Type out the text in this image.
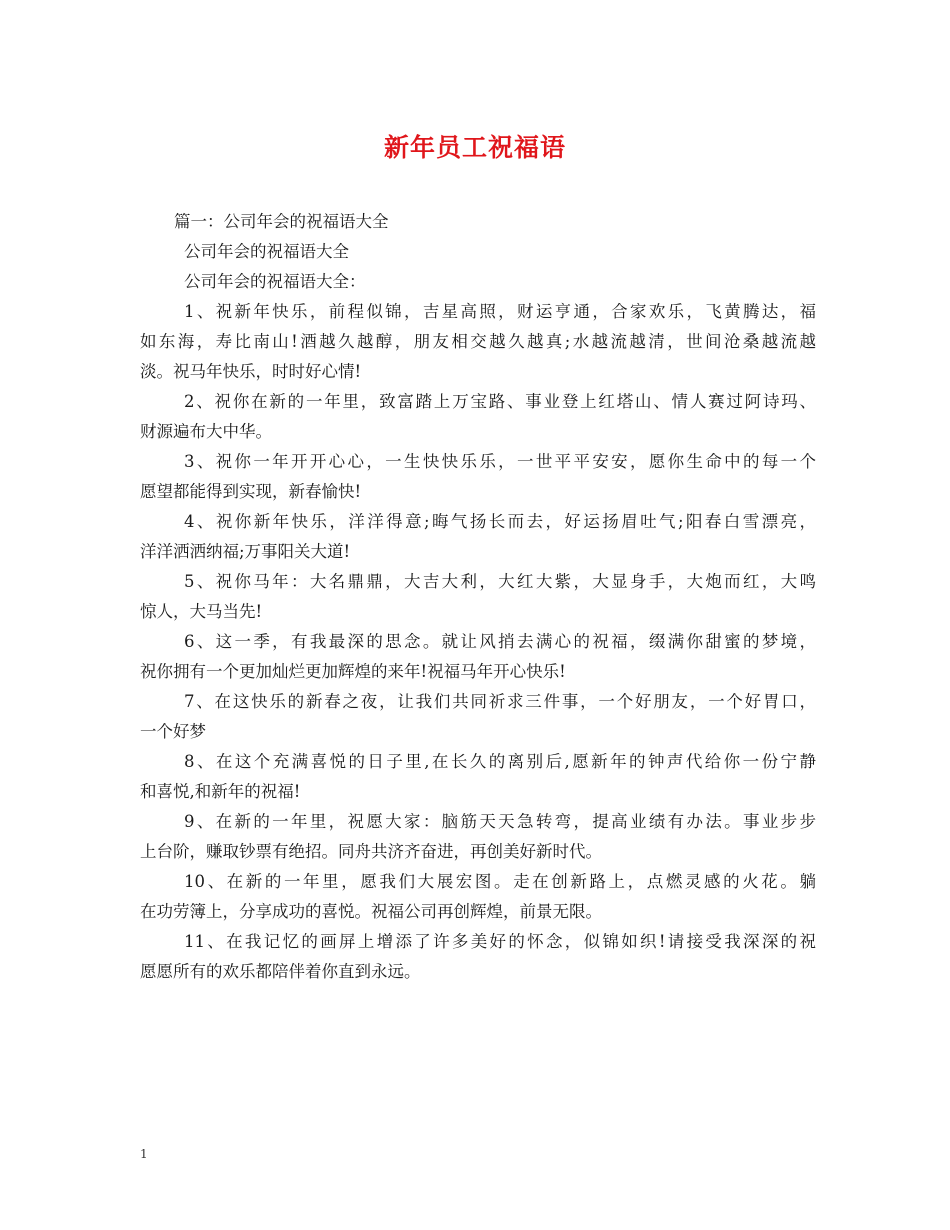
新年员工祝福语
篇一：公司年会的祝福语大全
公司年会的祝福语大全
公司年会的祝福语大全：
1、祝新年快乐，前程似锦，吉星高照，财运亨通，合家欢乐，飞黄腾达，福
如东海，寿比南山!酒越久越醇，朋友相交越久越真;水越流越清，世间沧桑越流越
淡。祝马年快乐，时时好心情!
2、祝你在新的一年里，致富踏上万宝路、事业登上红塔山、情人赛过阿诗玛、
财源遍布大中华。
3、祝你一年开开心心，一生快快乐乐，一世平平安安，愿你生命中的每一个
愿望都能得到实现，新春愉快!
4、祝你新年快乐，洋洋得意;晦气扬长而去，好运扬眉吐气;阳春白雪漂亮，
洋洋洒洒纳福;万事阳关大道!
5、祝你马年：大名鼎鼎，大吉大利，大红大紫，大显身手，大炮而红，大鸣
惊人，大马当先!
6、这一季，有我最深的思念。就让风捎去满心的祝福，缀满你甜蜜的梦境，
祝你拥有一个更加灿烂更加辉煌的来年!祝福马年开心快乐!
7、在这快乐的新春之夜，让我们共同祈求三件事，一个好朋友，一个好胃口，
一个好梦
8、在这个充满喜悦的日子里,在长久的离别后,愿新年的钟声代给你一份宁静
和喜悦,和新年的祝福!
9、在新的一年里，祝愿大家：脑筋天天急转弯，提高业绩有办法。事业步步
上台阶，赚取钞票有绝招。同舟共济齐奋进，再创美好新时代。
10、在新的一年里，愿我们大展宏图。走在创新路上，点燃灵感的火花。躺
在功劳簿上，分享成功的喜悦。祝福公司再创辉煌，前景无限。
11、在我记忆的画屏上增添了许多美好的怀念，似锦如织!请接受我深深的祝
愿愿所有的欢乐都陪伴着你直到永远。
1
